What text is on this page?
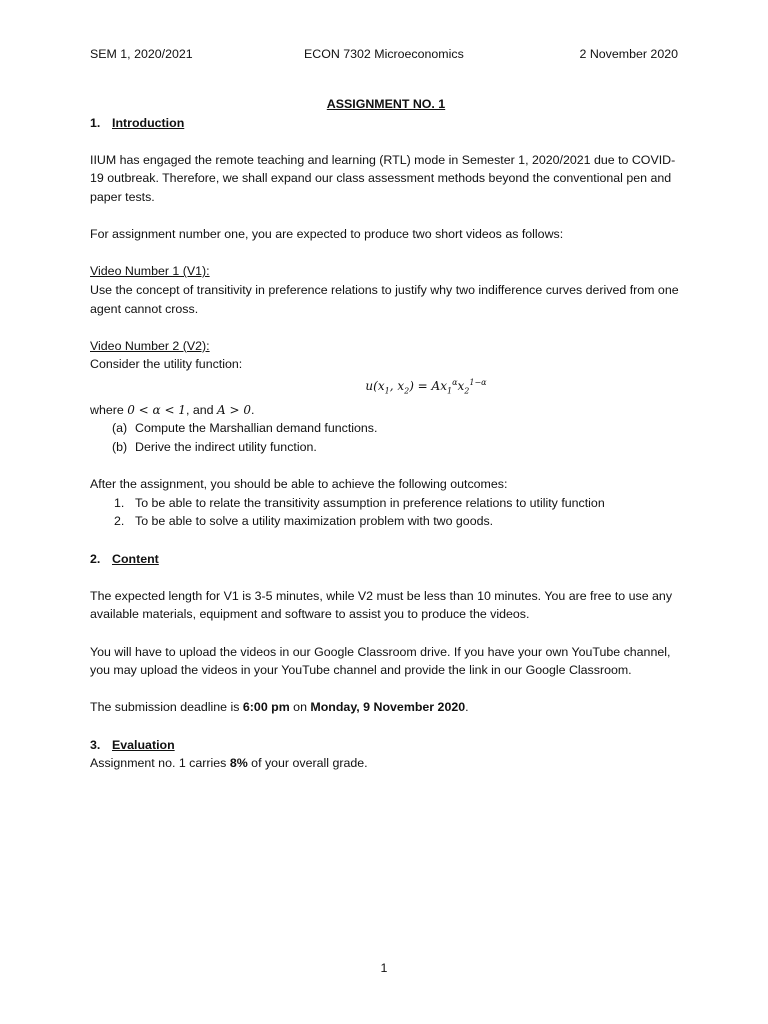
SEM 1, 2020/2021	ECON 7302 Microeconomics	2 November 2020

ASSIGNMENT NO. 1

1. Introduction

IIUM has engaged the remote teaching and learning (RTL) mode in Semester 1, 2020/2021 due to COVID-19 outbreak. Therefore, we shall expand our class assessment methods beyond the conventional pen and paper tests.

For assignment number one, you are expected to produce two short videos as follows:

Video Number 1 (V1):

Use the concept of transitivity in preference relations to justify why two indifference curves derived from one agent cannot cross.

Video Number 2 (V2):

Consider the utility function:

$u(x_1$, $x_2) = Ax_1^\alpha x_2^{1-\alpha}$

where 0 < α < 1, and A > 0.

(a) Compute the Marshallian demand functions.
(b) Derive the indirect utility function.

After the assignment, you should be able to achieve the following outcomes:

1. To be able to relate the transitivity assumption in preference relations to utility function
2. To be able to solve a utility maximization problem with two goods.

2. Content

The expected length for V1 is 3-5 minutes, while V2 must be less than 10 minutes. You are free to use any available materials, equipment and software to assist you to produce the videos.

You will have to upload the videos in our Google Classroom drive. If you have your own YouTube channel, you may upload the videos in your YouTube channel and provide the link in our Google Classroom.

The submission deadline is 6:00 pm on Monday, 9 November 2020.

3. Evaluation

Assignment no. 1 carries 8% of your overall grade.

1
